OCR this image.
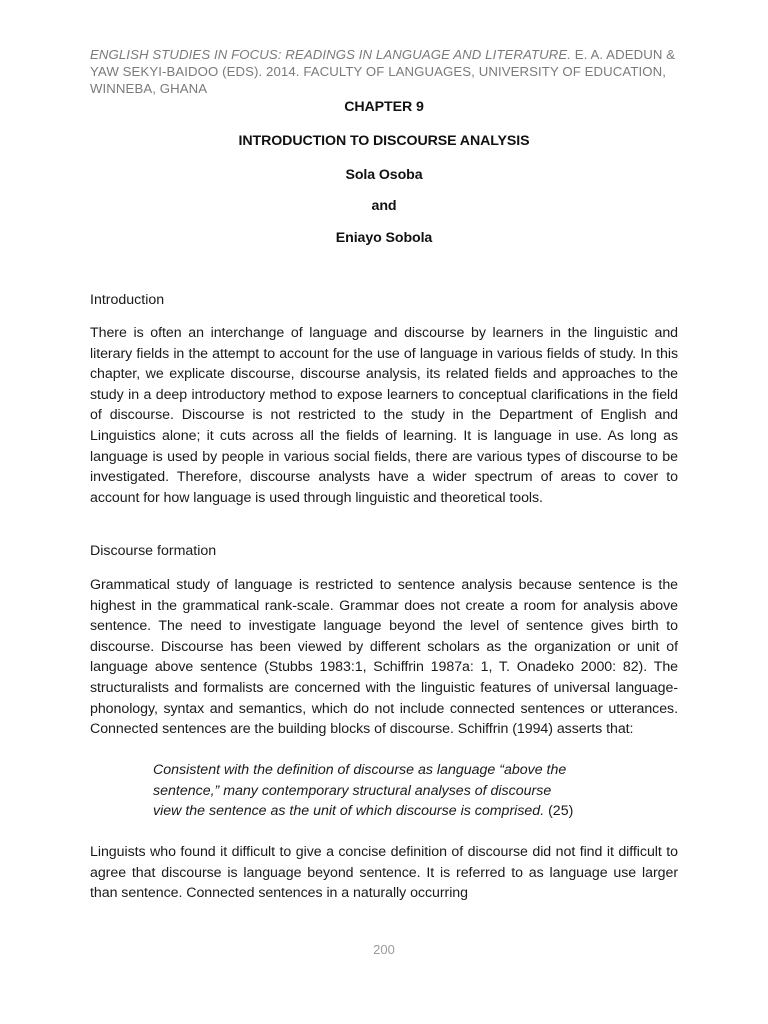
ENGLISH STUDIES IN FOCUS: READINGS IN LANGUAGE AND LITERATURE. E. A. ADEDUN & YAW SEKYI-BAIDOO (EDS). 2014. FACULTY OF LANGUAGES, UNIVERSITY OF EDUCATION, WINNEBA, GHANA
CHAPTER 9
INTRODUCTION TO DISCOURSE ANALYSIS
Sola Osoba
and
Eniayo Sobola
Introduction
There is often an interchange of language and discourse by learners in the linguistic and literary fields in the attempt to account for the use of language in various fields of study. In this chapter, we explicate discourse, discourse analysis, its related fields and approaches to the study in a deep introductory method to expose learners to conceptual clarifications in the field of discourse. Discourse is not restricted to the study in the Department of English and Linguistics alone; it cuts across all the fields of learning. It is language in use. As long as language is used by people in various social fields, there are various types of discourse to be investigated. Therefore, discourse analysts have a wider spectrum of areas to cover to account for how language is used through linguistic and theoretical tools.
Discourse formation
Grammatical study of language is restricted to sentence analysis because sentence is the highest in the grammatical rank-scale. Grammar does not create a room for analysis above sentence. The need to investigate language beyond the level of sentence gives birth to discourse. Discourse has been viewed by different scholars as the organization or unit of language above sentence (Stubbs 1983:1, Schiffrin 1987a: 1, T. Onadeko 2000: 82). The structuralists and formalists are concerned with the linguistic features of universal language- phonology, syntax and semantics, which do not include connected sentences or utterances. Connected sentences are the building blocks of discourse. Schiffrin (1994) asserts that:
Consistent with the definition of discourse as language “above the sentence,” many contemporary structural analyses of discourse view the sentence as the unit of which discourse is comprised. (25)
Linguists who found it difficult to give a concise definition of discourse did not find it difficult to agree that discourse is language beyond sentence. It is referred to as language use larger than sentence. Connected sentences in a naturally occurring
200
